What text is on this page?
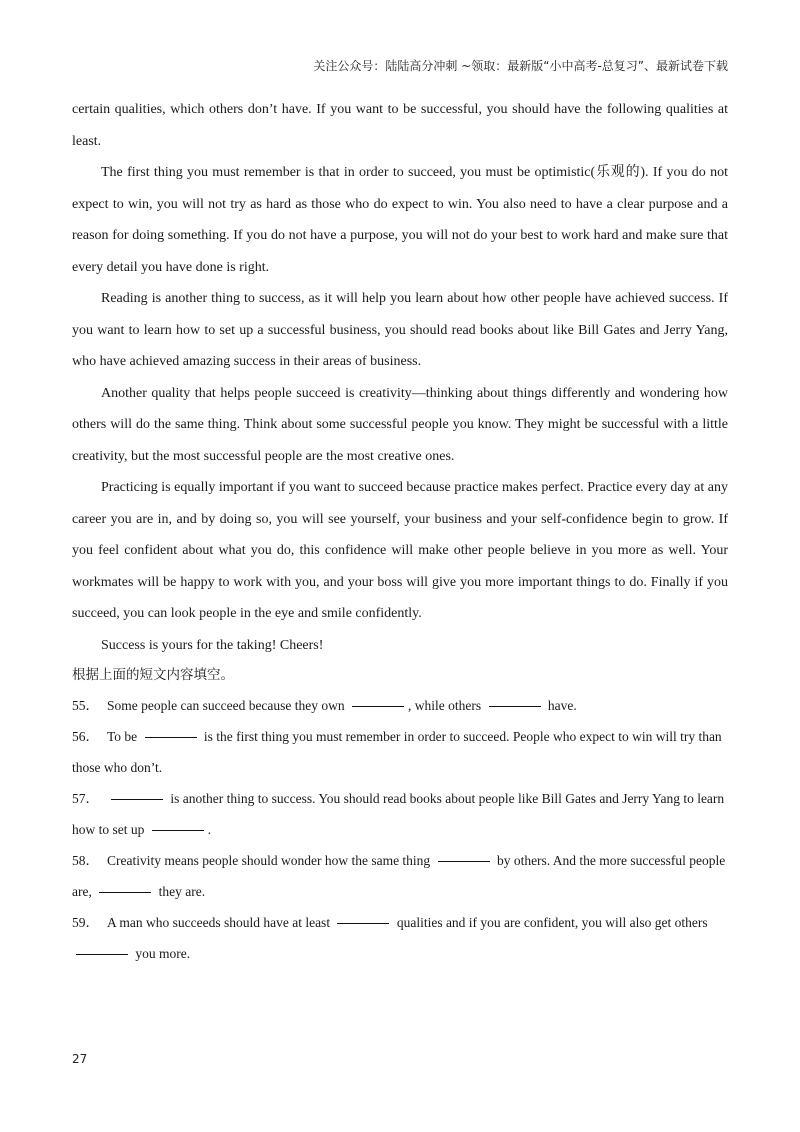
关注公众号：陆陆高分冲刺 ~领取：最新版“小中高考-总复习”、最新试卷下载

certain qualities, which others don’t have. If you want to be successful, you should have the following qualities at least.

The first thing you must remember is that in order to succeed, you must be optimistic(乐观的). If you do not expect to win, you will not try as hard as those who do expect to win. You also need to have a clear purpose and a reason for doing something. If you do not have a purpose, you will not do your best to work hard and make sure that every detail you have done is right.

Reading is another thing to success, as it will help you learn about how other people have achieved success. If you want to learn how to set up a successful business, you should read books about like Bill Gates and Jerry Yang, who have achieved amazing success in their areas of business.

Another quality that helps people succeed is creativity—thinking about things differently and wondering how others will do the same thing. Think about some successful people you know. They might be successful with a little creativity, but the most successful people are the most creative ones.

Practicing is equally important if you want to succeed because practice makes perfect. Practice every day at any career you are in, and by doing so, you will see yourself, your business and your self-confidence begin to grow. If you feel confident about what you do, this confidence will make other people believe in you more as well. Your workmates will be happy to work with you, and your boss will give you more important things to do. Finally if you succeed, you can look people in the eye and smile confidently.

Success is yours for the taking! Cheers!

根据上面的短文内容填空。

55． Some people can succeed because they own	, while others	have.

56． To be	is the first thing you must remember in order to succeed. People who expect to win will try than those who don’t.

57．	is another thing to success. You should read books about people like Bill Gates and Jerry Yang to learn how to set up	.

58． Creativity means people should wonder how the same thing	by others. And the more successful people are,	they are.

59． A man who succeeds should have at least	qualities and if you are confident, you will also get others  you more.

27
